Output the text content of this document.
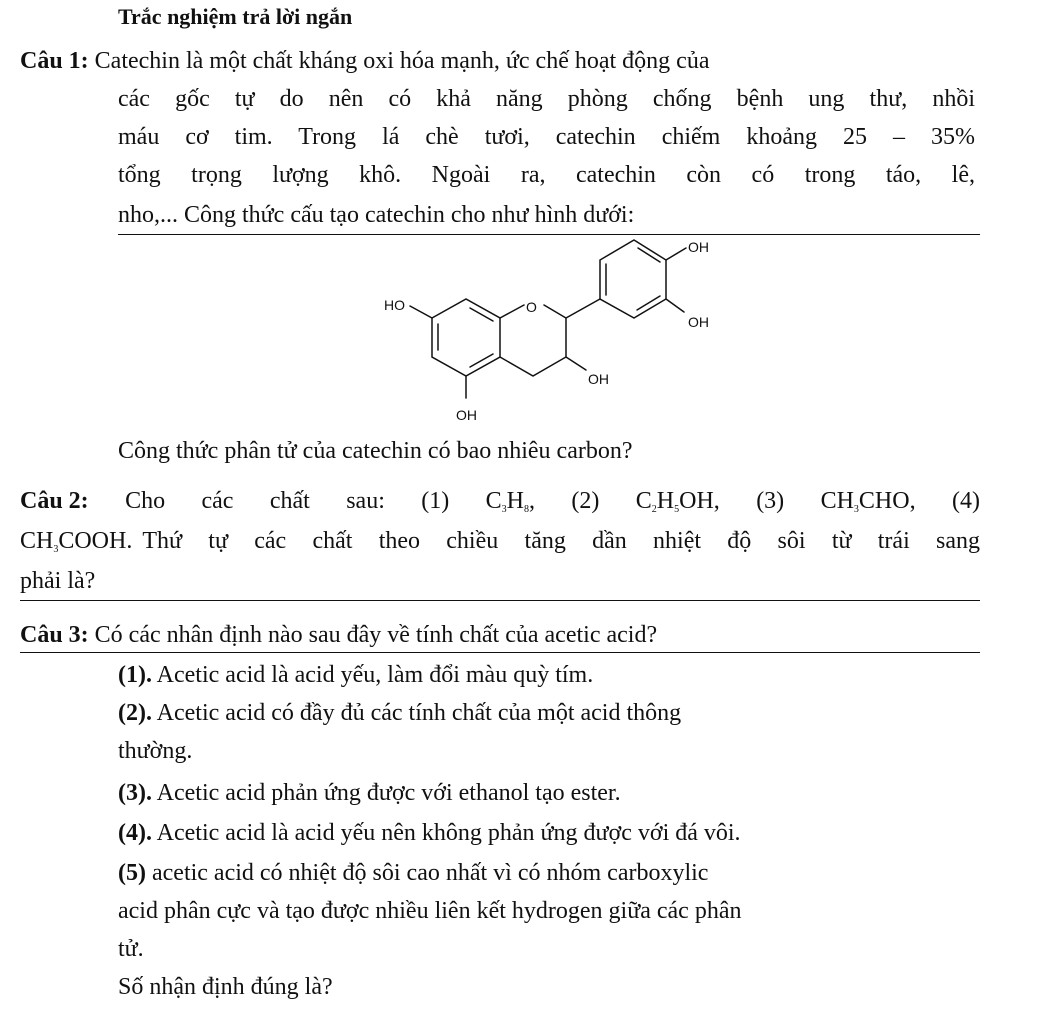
Trắc nghiệm trả lời ngắn
Câu 1: Catechin là một chất kháng oxi hóa mạnh, ức chế hoạt động của
các gốc tự do nên có khả năng phòng chống bệnh ung thư, nhồi
máu cơ tim. Trong lá chè tươi, catechin chiếm khoảng 25 – 35%
tổng trọng lượng khô. Ngoài ra, catechin còn có trong táo, lê,
nho,... Công thức cấu tạo catechin cho như hình dưới:
HO	O
OH
OH
OH
OH
Công thức phân tử của catechin có bao nhiêu carbon?
Câu 2: Cho các chất sau: (1) $C_3H_8$, (2) $C_2H_5OH$, (3) $CH_3CHO$, (4)
$CH_3COOH$. Thứ tự các chất theo chiều tăng dần nhiệt độ sôi từ trái sang
phải là?
Câu 3: Có các nhân định nào sau đây về tính chất của acetic acid?
(1). Acetic acid là acid yếu, làm đổi màu quỳ tím.
(2). Acetic acid có đầy đủ các tính chất của một acid thông
thường.
(3). Acetic acid phản ứng được với ethanol tạo ester.
(4). Acetic acid là acid yếu nên không phản ứng được với đá vôi.
(5) acetic acid có nhiệt độ sôi cao nhất vì có nhóm carboxylic
acid phân cực và tạo được nhiều liên kết hydrogen giữa các phân
tử.
Số nhận định đúng là?
